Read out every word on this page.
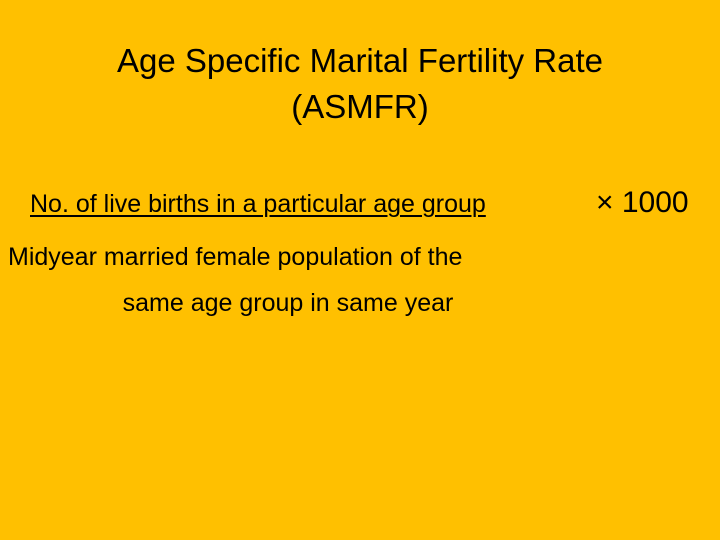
Age Specific Marital Fertility Rate
(ASMFR)
No. of live births in a particular age group	× 1000
Midyear married female population of the
same age group in same year
